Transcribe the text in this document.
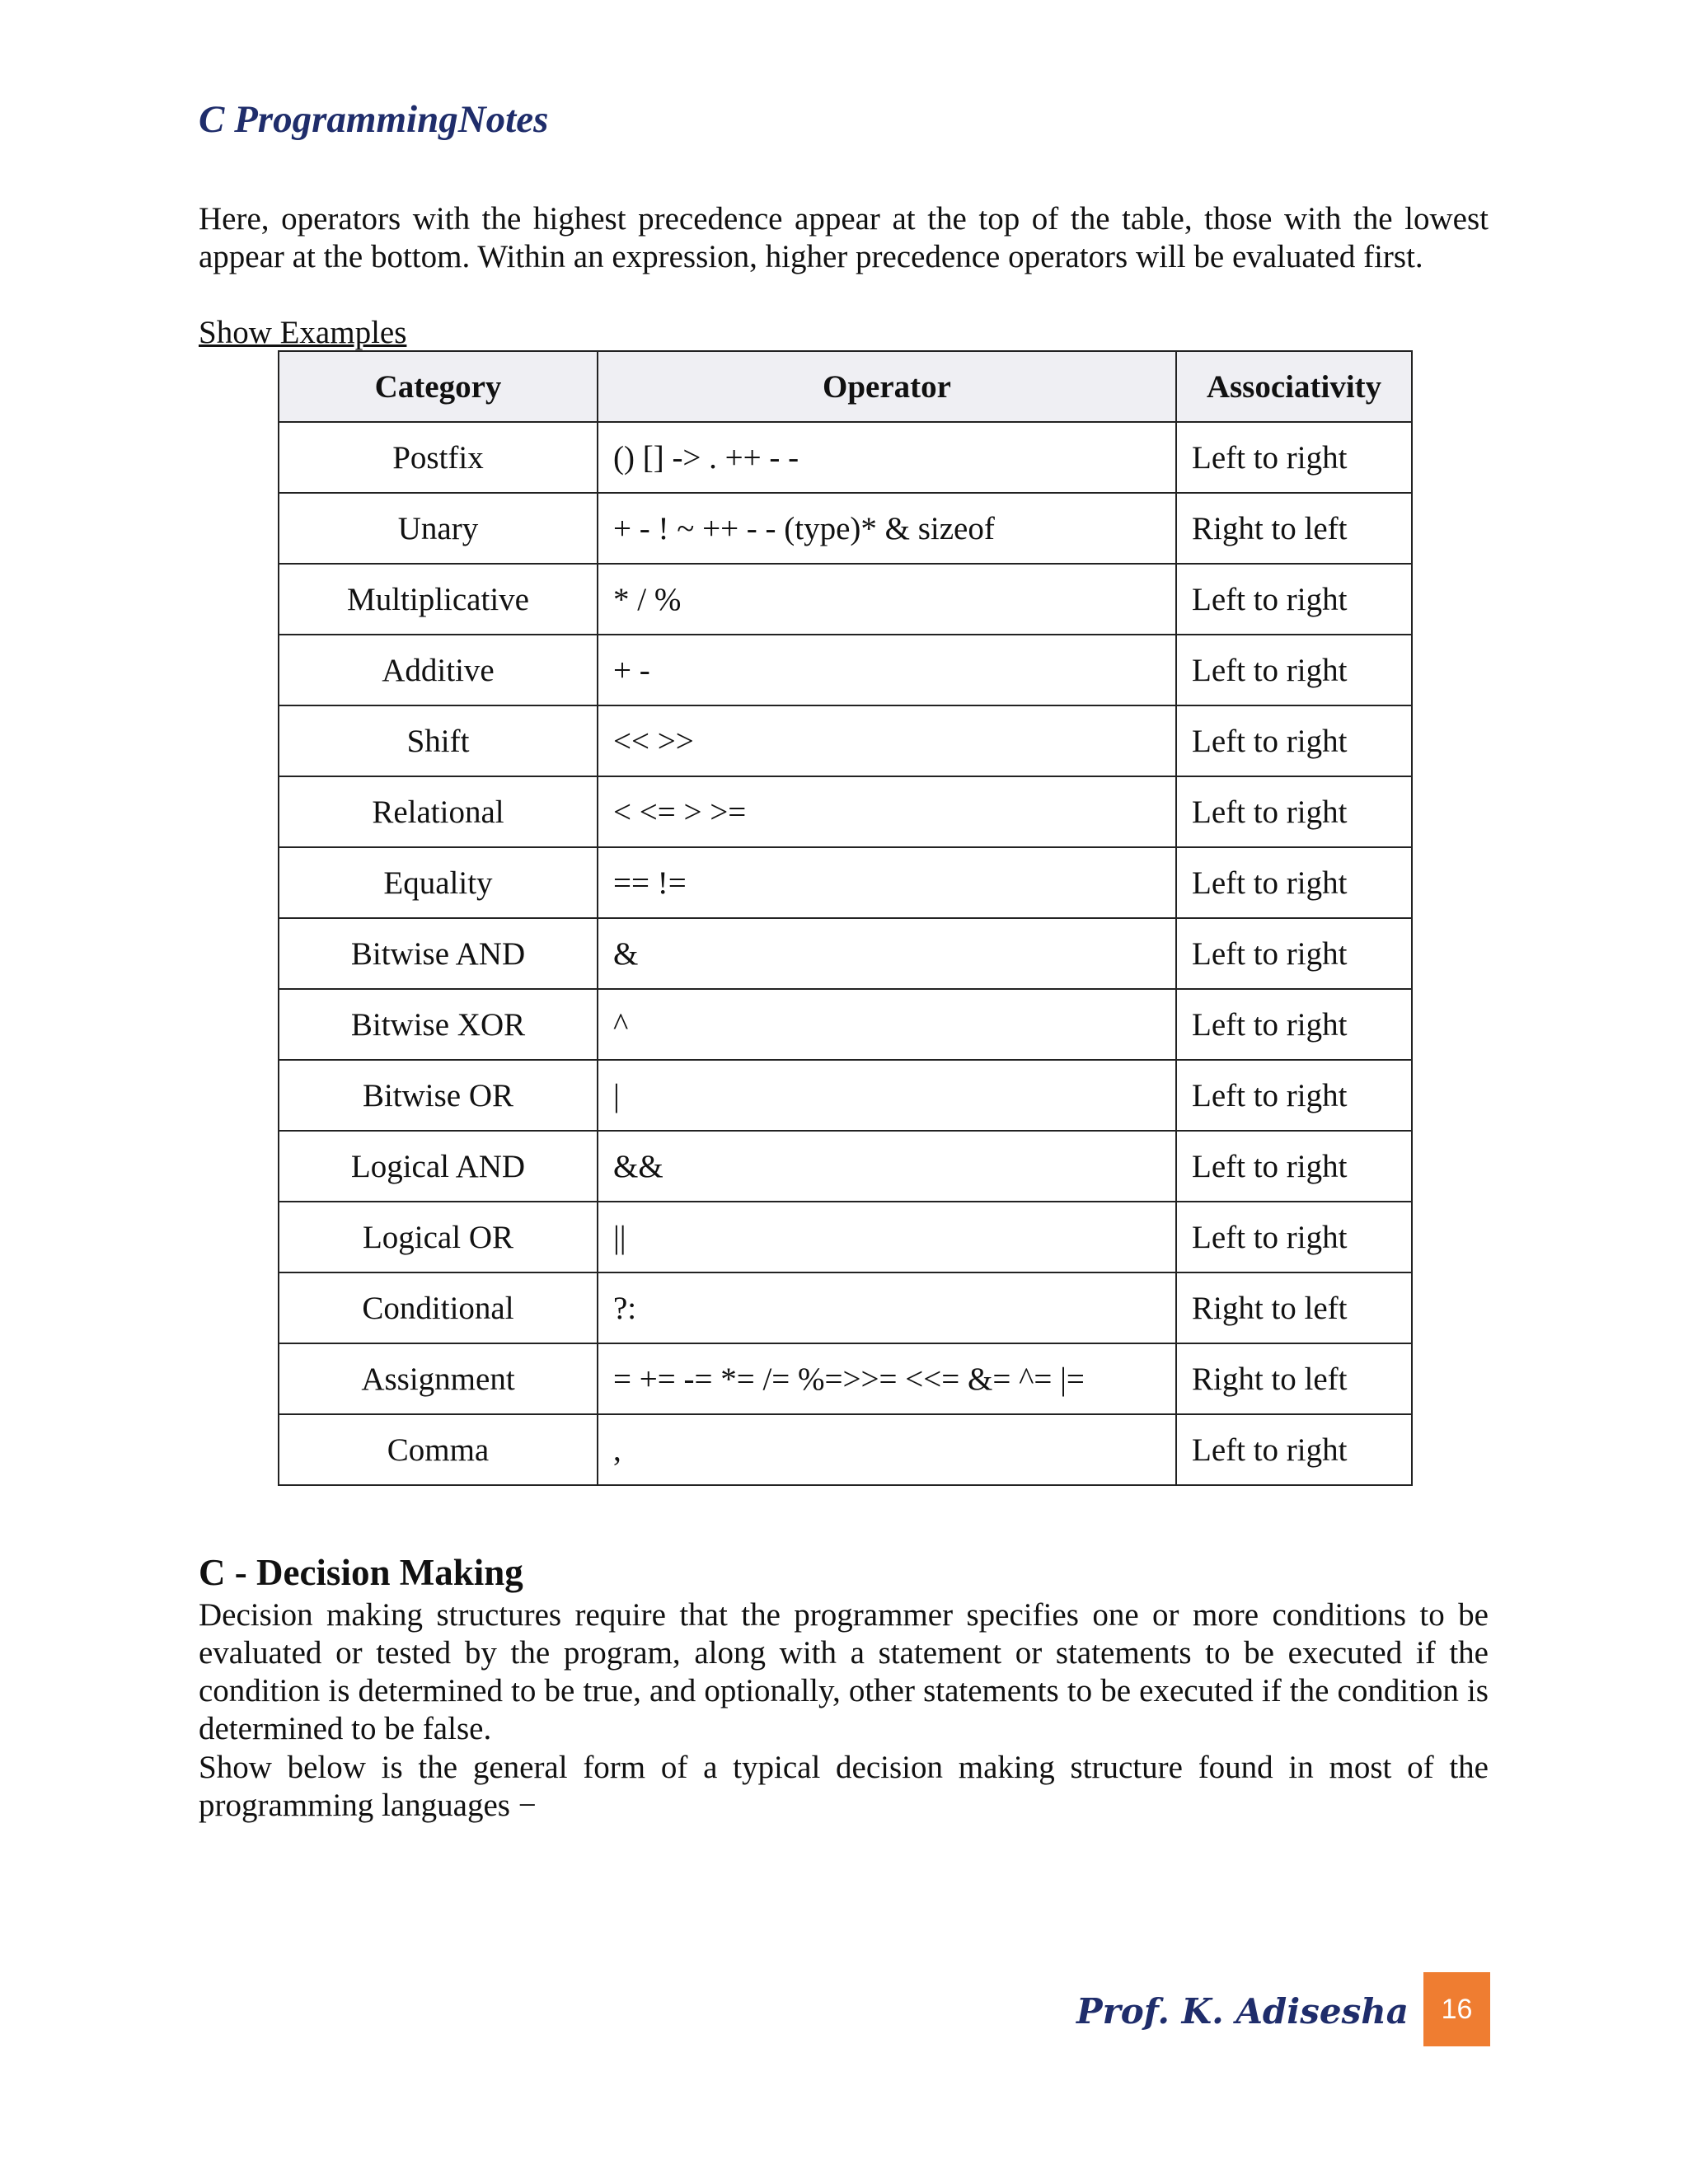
C ProgrammingNotes
Here, operators with the highest precedence appear at the top of the table, those with the lowest appear at the bottom. Within an expression, higher precedence operators will be evaluated first.
Show Examples
Category	Operator	Associativity
Postfix	() [] -> . ++ - -	Left to right
Unary	+ - ! ~ ++ - - (type)* & sizeof	Right to left
Multiplicative	* / %	Left to right
Additive	+ -	Left to right
Shift	<< >>	Left to right
Relational	< <= > >=	Left to right
Equality	== !=	Left to right
Bitwise AND	&	Left to right
Bitwise XOR	^	Left to right
Bitwise OR	|	Left to right
Logical AND	&&	Left to right
Logical OR	||	Left to right
Conditional	?:	Right to left
Assignment	= += -= *= /= %=>>= <<= &= ^= |=	Right to left
Comma	,	Left to right
C - Decision Making
Decision making structures require that the programmer specifies one or more conditions to be evaluated or tested by the program, along with a statement or statements to be executed if the condition is determined to be true, and optionally, other statements to be executed if the condition is determined to be false.
Show below is the general form of a typical decision making structure found in most of the programming languages −
Prof. K. Adisesha	16
